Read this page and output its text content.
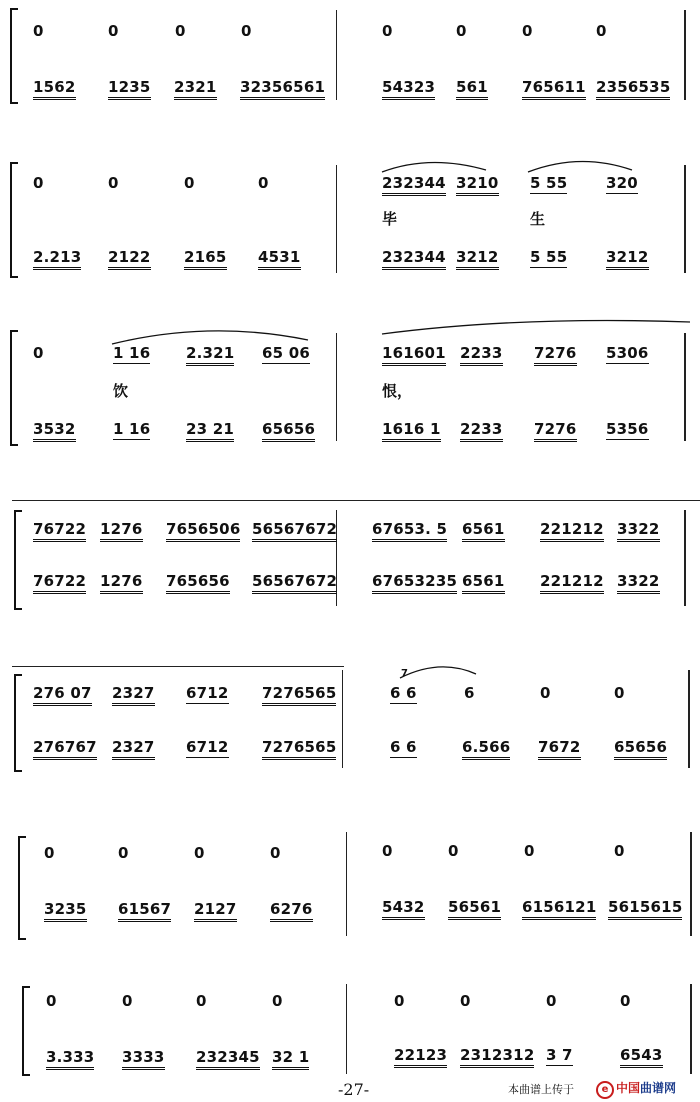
0	0	0	0	0	0	0	0
1562 1235 2321 32356561	54323 561 765611 2356535
0	0	0	0	232344 3210 5 55	320
毕	生
2.213 2122 2165 4531	232344 3212 5 55	3212
0	1 16 2.321 65 06	161601 2233 7276 5306
饮	恨，
3532 1 16 23 21 65656	1616 1 2233 7276 5356
76722 1276 7656506 56567672 67653. 5 6561 221212 3322
76722 1276 765656 56567672 67653235 6561 221212 3322
7
276 07 2327 6712 7276565	6 6	6	0	0
276767 2327 6712 7276565	6 6	6.566 7672 65656
0	0	0	0	0	0	0	0
3235 61567 2127 6276	5432 56561 6156121 5615615
0	0	0	0	0	0	0	0
3.333 3333 232345 32 1	22123 2312312 3 7	6543
-27-	本曲谱上传于	e 中国曲谱网
